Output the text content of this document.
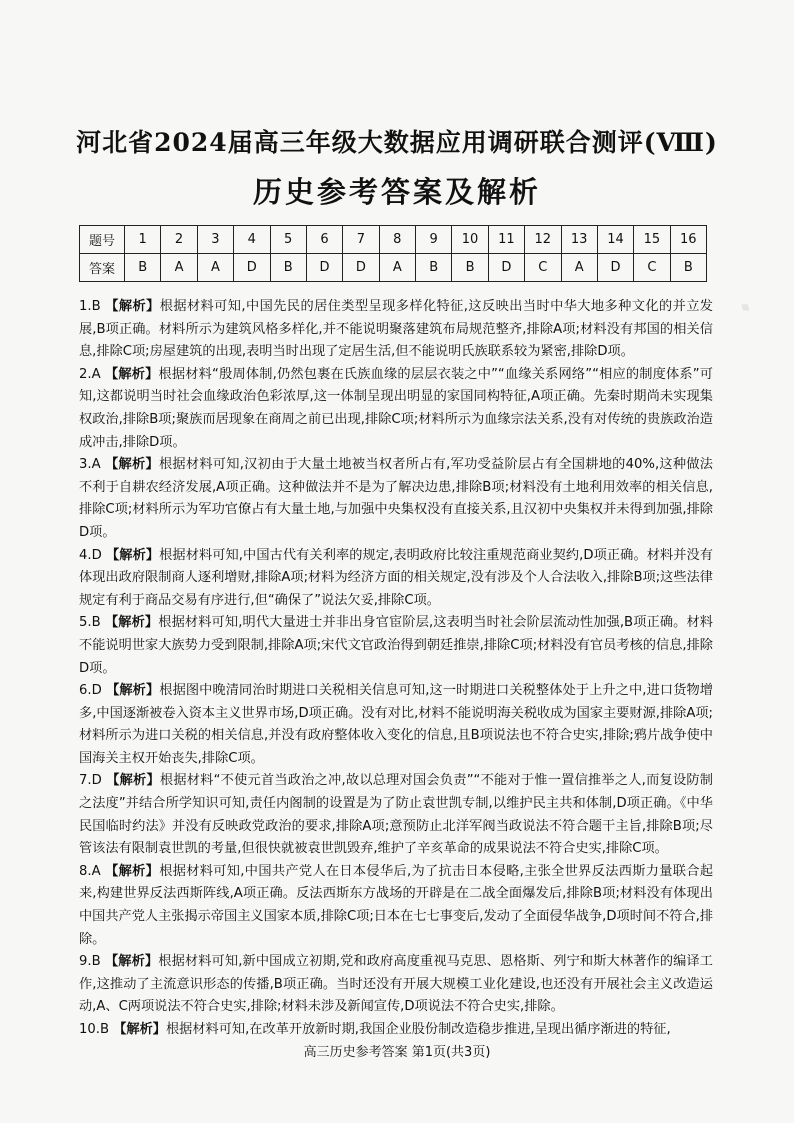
♦
河北省2024届高三年级大数据应用调研联合测评(Ⅷ)
历史参考答案及解析
题号	1	2	3	4	5	6	7	8	9	10	11	12	13	14	15	16
答案	B	A	A	D	B	D	D	A	B	B	D	C	A	D	C	B

1.B 【解析】根据材料可知,中国先民的居住类型呈现多样化特征,这反映出当时中华大地多种文化的并立发展,B项正确。材料所示为建筑风格多样化,并不能说明聚落建筑布局规范整齐,排除A项;材料没有邦国的相关信息,排除C项;房屋建筑的出现,表明当时出现了定居生活,但不能说明氏族联系较为紧密,排除D项。

2.A 【解析】根据材料“殷周体制,仍然包裹在氏族血缘的层层衣装之中”“血缘关系网络”“相应的制度体系”可知,这都说明当时社会血缘政治色彩浓厚,这一体制呈现出明显的家国同构特征,A项正确。先秦时期尚未实现集权政治,排除B项;聚族而居现象在商周之前已出现,排除C项;材料所示为血缘宗法关系,没有对传统的贵族政治造成冲击,排除D项。

3.A 【解析】根据材料可知,汉初由于大量土地被当权者所占有,军功受益阶层占有全国耕地的40%,这种做法不利于自耕农经济发展,A项正确。这种做法并不是为了解决边患,排除B项;材料没有土地利用效率的相关信息,排除C项;材料所示为军功官僚占有大量土地,与加强中央集权没有直接关系,且汉初中央集权并未得到加强,排除D项。

4.D 【解析】根据材料可知,中国古代有关利率的规定,表明政府比较注重规范商业契约,D项正确。材料并没有体现出政府限制商人逐利增财,排除A项;材料为经济方面的相关规定,没有涉及个人合法收入,排除B项;这些法律规定有利于商品交易有序进行,但“确保了”说法欠妥,排除C项。

5.B 【解析】根据材料可知,明代大量进士并非出身官宦阶层,这表明当时社会阶层流动性加强,B项正确。材料不能说明世家大族势力受到限制,排除A项;宋代文官政治得到朝廷推崇,排除C项;材料没有官员考核的信息,排除D项。

6.D 【解析】根据图中晚清同治时期进口关税相关信息可知,这一时期进口关税整体处于上升之中,进口货物增多,中国逐渐被卷入资本主义世界市场,D项正确。没有对比,材料不能说明海关税收成为国家主要财源,排除A项;材料所示为进口关税的相关信息,并没有政府整体收入变化的信息,且B项说法也不符合史实,排除;鸦片战争使中国海关主权开始丧失,排除C项。

7.D 【解析】根据材料“不使元首当政治之冲,故以总理对国会负责”“不能对于惟一置信推举之人,而复设防制之法度”并结合所学知识可知,责任内阁制的设置是为了防止袁世凯专制,以维护民主共和体制,D项正确。《中华民国临时约法》并没有反映政党政治的要求,排除A项;意预防止北洋军阀当政说法不符合题干主旨,排除B项;尽管该法有限制袁世凯的考量,但很快就被袁世凯毁弃,维护了辛亥革命的成果说法不符合史实,排除C项。

8.A 【解析】根据材料可知,中国共产党人在日本侵华后,为了抗击日本侵略,主张全世界反法西斯力量联合起来,构建世界反法西斯阵线,A项正确。反法西斯东方战场的开辟是在二战全面爆发后,排除B项;材料没有体现出中国共产党人主张揭示帝国主义国家本质,排除C项;日本在七七事变后,发动了全面侵华战争,D项时间不符合,排除。

9.B 【解析】根据材料可知,新中国成立初期,党和政府高度重视马克思、恩格斯、列宁和斯大林著作的编译工作,这推动了主流意识形态的传播,B项正确。当时还没有开展大规模工业化建设,也还没有开展社会主义改造运动,A、C两项说法不符合史实,排除;材料未涉及新闻宣传,D项说法不符合史实,排除。

10.B 【解析】根据材料可知,在改革开放新时期,我国企业股份制改造稳步推进,呈现出循序渐进的特征,

高三历史参考答案 第1页(共3页)
